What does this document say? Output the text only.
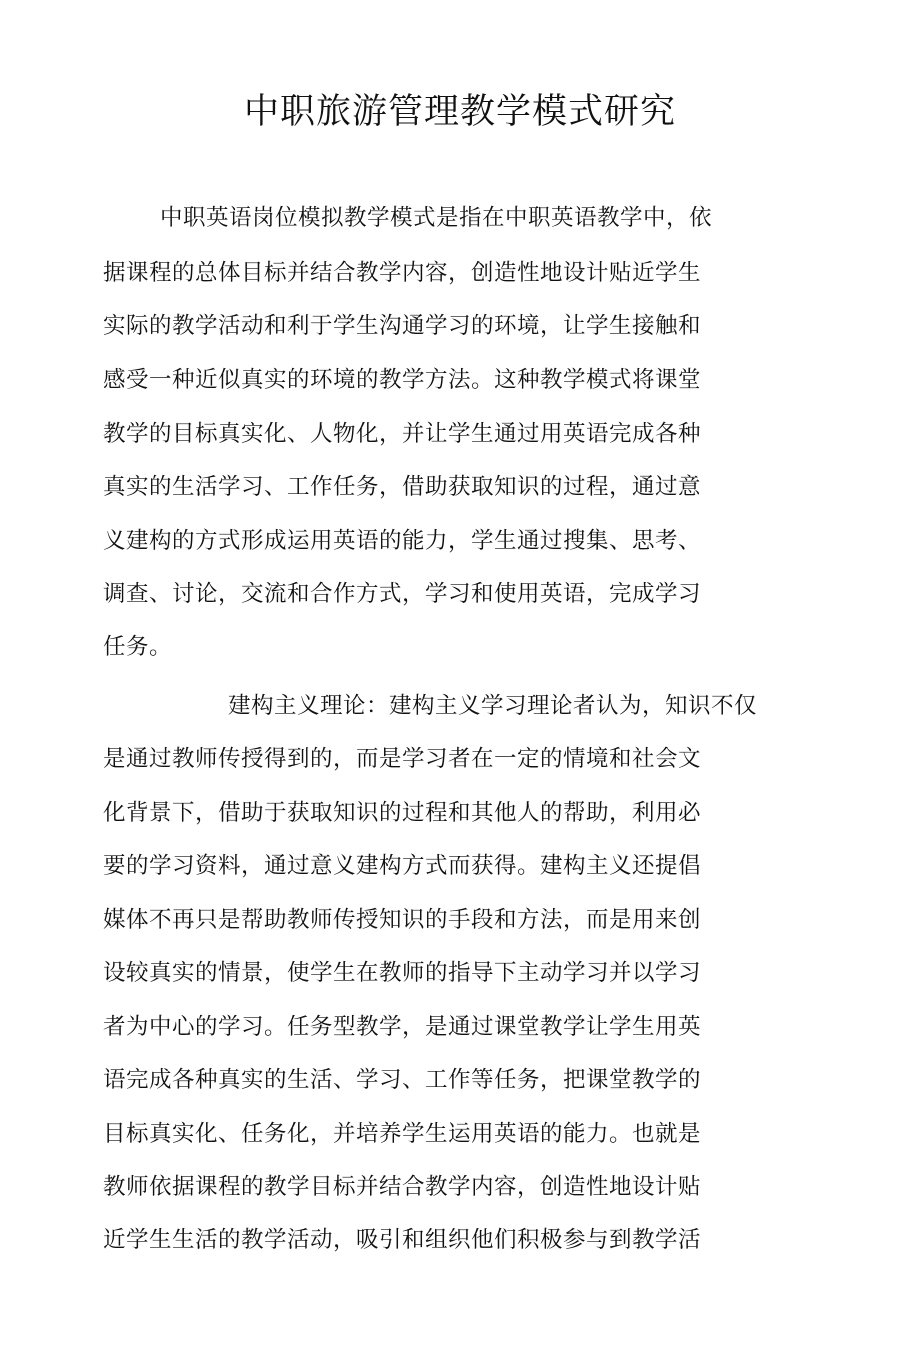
中职旅游管理教学模式研究
中职英语岗位模拟教学模式是指在中职英语教学中，依
据课程的总体目标并结合教学内容，创造性地设计贴近学生
实际的教学活动和利于学生沟通学习的环境，让学生接触和
感受一种近似真实的环境的教学方法。这种教学模式将课堂
教学的目标真实化、人物化，并让学生通过用英语完成各种
真实的生活学习、工作任务，借助获取知识的过程，通过意
义建构的方式形成运用英语的能力，学生通过搜集、思考、
调查、讨论，交流和合作方式，学习和使用英语，完成学习
任务。
建构主义理论：建构主义学习理论者认为，知识不仅
是通过教师传授得到的，而是学习者在一定的情境和社会文
化背景下，借助于获取知识的过程和其他人的帮助，利用必
要的学习资料，通过意义建构方式而获得。建构主义还提倡
媒体不再只是帮助教师传授知识的手段和方法，而是用来创
设较真实的情景，使学生在教师的指导下主动学习并以学习
者为中心的学习。任务型教学，是通过课堂教学让学生用英
语完成各种真实的生活、学习、工作等任务，把课堂教学的
目标真实化、任务化，并培养学生运用英语的能力。也就是
教师依据课程的教学目标并结合教学内容，创造性地设计贴
近学生生活的教学活动，吸引和组织他们积极参与到教学活
